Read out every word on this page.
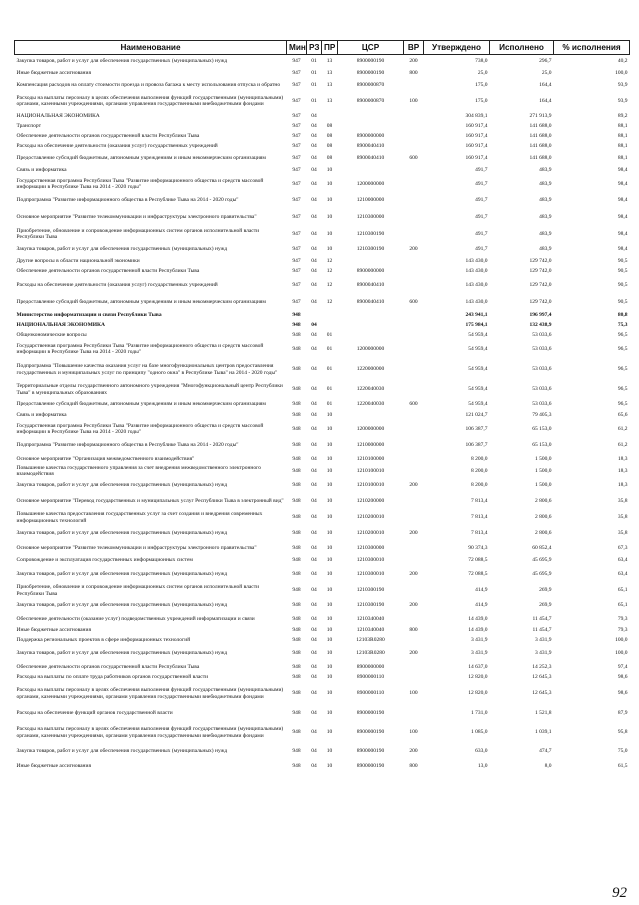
Наименование	Мин	РЗ	ПР	ЦСР	ВР	Утверждено	Исполнено	% исполнения
Закупка товаров, работ и услуг для обеспечения государственных (муниципальных) нужд	947	01	13	8900000190	200	738,0	296,7	40,2
Иные бюджетные ассигнования	947	01	13	8900000190	800	25,0	25,0	100,0
Компенсация расходов на оплату стоимости проезда и провоза багажа к месту использования отпуска и обратно	947	01	13	8900000870		175,0	164,4	93,9
Расходы на выплаты персоналу в целях обеспечения выполнения функций государственными (муниципальными) органами, казенными учреждениями, органами управления государственными внебюджетными фондами	947	01	13	8900000870	100	175,0	164,4	93,9
НАЦИОНАЛЬНАЯ ЭКОНОМИКА	947	04				304 839,1	271 913,9	89,2
Транспорт	947	04	08			160 917,4	141 688,0	88,1
Обеспечение деятельности органов государственной власти Республики Тыва	947	04	08	8900000000		160 917,4	141 688,0	88,1
Расходы на обеспечение деятельности (оказания услуг) государственных учреждений	947	04	08	8900040410		160 917,4	141 688,0	88,1
Предоставление субсидий бюджетным, автономным учреждениям и иным некоммерческим организациям	947	04	08	8900040410	600	160 917,4	141 688,0	88,1
Связь и информатика	947	04	10			491,7	483,9	98,4
Государственная программа Республики Тыва "Развитие информационного общества и средств массовой информации в Республике Тыва на 2014 - 2020 годы"	947	04	10	1200000000		491,7	483,9	98,4
Подпрограмма "Развитие информационного общества в Республике Тыва на 2014 - 2020 годы"	947	04	10	1210000000		491,7	483,9	98,4
Основное мероприятие "Развитие телекоммуникации и инфраструктуры электронного правительства"	947	04	10	1210300000		491,7	483,9	98,4
Приобретение, обновление и сопровождение информационных систем органов исполнительной власти Республики Тыва	947	04	10	1210300190		491,7	483,9	98,4
Закупка товаров, работ и услуг для обеспечения государственных (муниципальных) нужд	947	04	10	1210300190	200	491,7	483,9	98,4
Другие вопросы в области национальной экономики	947	04	12			143 430,0	129 742,0	90,5
Обеспечение деятельности органов государственной власти Республики Тыва	947	04	12	8900000000		143 430,0	129 742,0	90,5
Расходы на обеспечение деятельности (оказания услуг) государственных учреждений	947	04	12	8900040410		143 430,0	129 742,0	90,5
Предоставление субсидий бюджетным, автономным учреждениям и иным некоммерческим организациям	947	04	12	8900040410	600	143 430,0	129 742,0	90,5
Министерство информатизации и связи Республики Тыва	948					243 941,1	196 997,4	80,8
НАЦИОНАЛЬНАЯ ЭКОНОМИКА	948	04				175 984,1	132 438,9	75,3
Общеэкономические вопросы	948	04	01			54 959,4	53 033,6	96,5
Государственная программа Республики Тыва "Развитие информационного общества и средств массовой информации в Республике Тыва на 2014 - 2020 годы"	948	04	01	1200000000		54 959,4	53 033,6	96,5
Подпрограмма "Повышение качества оказания услуг на базе многофункциональных центров предоставления государственных и муниципальных услуг по принципу "одного окна" в Республике Тыва" на 2014 - 2020 годы"	948	04	01	1220000000		54 959,4	53 033,6	96,5
Территориальные отделы государственного автономного учреждения "Многофункциональный центр Республики Тыва" в муниципальных образованиях	948	04	01	1220040030		54 959,4	53 033,6	96,5
Предоставление субсидий бюджетным, автономным учреждениям и иным некоммерческим организациям	948	04	01	1220040030	600	54 959,4	53 033,6	96,5
Связь и информатика	948	04	10			121 024,7	79 405,3	65,6
Государственная программа Республики Тыва "Развитие информационного общества и средств массовой информации в Республике Тыва на 2014 - 2020 годы"	948	04	10	1200000000		106 387,7	65 153,0	61,2
Подпрограмма "Развитие информационного общества в Республике Тыва на 2014 - 2020 годы"	948	04	10	1210000000		106 387,7	65 153,0	61,2
Основное мероприятие "Организация межведомственного взаимодействия"	948	04	10	1210100000		8 200,0	1 500,0	18,3
Повышение качества государственного управления за счет внедрения межведомственного электронного взаимодействия	948	04	10	1210100010		8 200,0	1 500,0	18,3
Закупка товаров, работ и услуг для обеспечения государственных (муниципальных) нужд	948	04	10	1210100010	200	8 200,0	1 500,0	18,3
Основное мероприятие "Перевод государственных и муниципальных услуг Республики Тыва в электронный вид"	948	04	10	1210200000		7 813,4	2 800,6	35,8
Повышение качества предоставления государственных услуг за счет создания и внедрения современных информационных технологий	948	04	10	1210200010		7 813,4	2 800,6	35,8
Закупка товаров, работ и услуг для обеспечения государственных (муниципальных) нужд	948	04	10	1210200010	200	7 813,4	2 800,6	35,8
Основное мероприятие "Развитие телекоммуникации и инфраструктуры электронного правительства"	948	04	10	1210300000		90 374,3	60 852,4	67,3
Сопровождение и эксплуатация государственных информационных систем	948	04	10	1210300010		72 088,5	45 695,9	63,4
Закупка товаров, работ и услуг для обеспечения государственных (муниципальных) нужд	948	04	10	1210300010	200	72 088,5	45 695,9	63,4
Приобретение, обновление и сопровождение информационных систем органов исполнительной власти Республики Тыва	948	04	10	1210300190		414,9	269,9	65,1
Закупка товаров, работ и услуг для обеспечения государственных (муниципальных) нужд	948	04	10	1210300190	200	414,9	269,9	65,1
Обеспечение деятельности (оказание услуг) подведомственных учреждений информатизации и связи	948	04	10	1210340040		14 439,0	11 454,7	79,3
Иные бюджетные ассигнования	948	04	10	1210340040	800	14 439,0	11 454,7	79,3
Поддержка региональных проектов в сфере информационных технологий	948	04	10	12103R0280		3 431,9	3 431,9	100,0
Закупка товаров, работ и услуг для обеспечения государственных (муниципальных) нужд	948	04	10	12103R0280	200	3 431,9	3 431,9	100,0
Обеспечение деятельности органов государственной власти Республики Тыва	948	04	10	8900000000		14 637,0	14 252,3	97,4
Расходы на выплаты по оплате труда работников органов государственной власти	948	04	10	8900000110		12 820,0	12 645,3	98,6
Расходы на выплаты персоналу в целях обеспечения выполнения функций государственными (муниципальными) органами, казенными учреждениями, органами управления государственными внебюджетными фондами	948	04	10	8900000110	100	12 820,0	12 645,3	98,6
Расходы на обеспечение функций органов государственной власти	948	04	10	8900000190		1 731,0	1 521,8	87,9
Расходы на выплаты персоналу в целях обеспечения выполнения функций государственными (муниципальными) органами, казенными учреждениями, органами управления государственными внебюджетными фондами	948	04	10	8900000190	100	1 085,0	1 039,1	95,8
Закупка товаров, работ и услуг для обеспечения государственных (муниципальных) нужд	948	04	10	8900000190	200	633,0	474,7	75,0
Иные бюджетные ассигнования	948	04	10	8900000190	800	13,0	8,0	61,5
92
